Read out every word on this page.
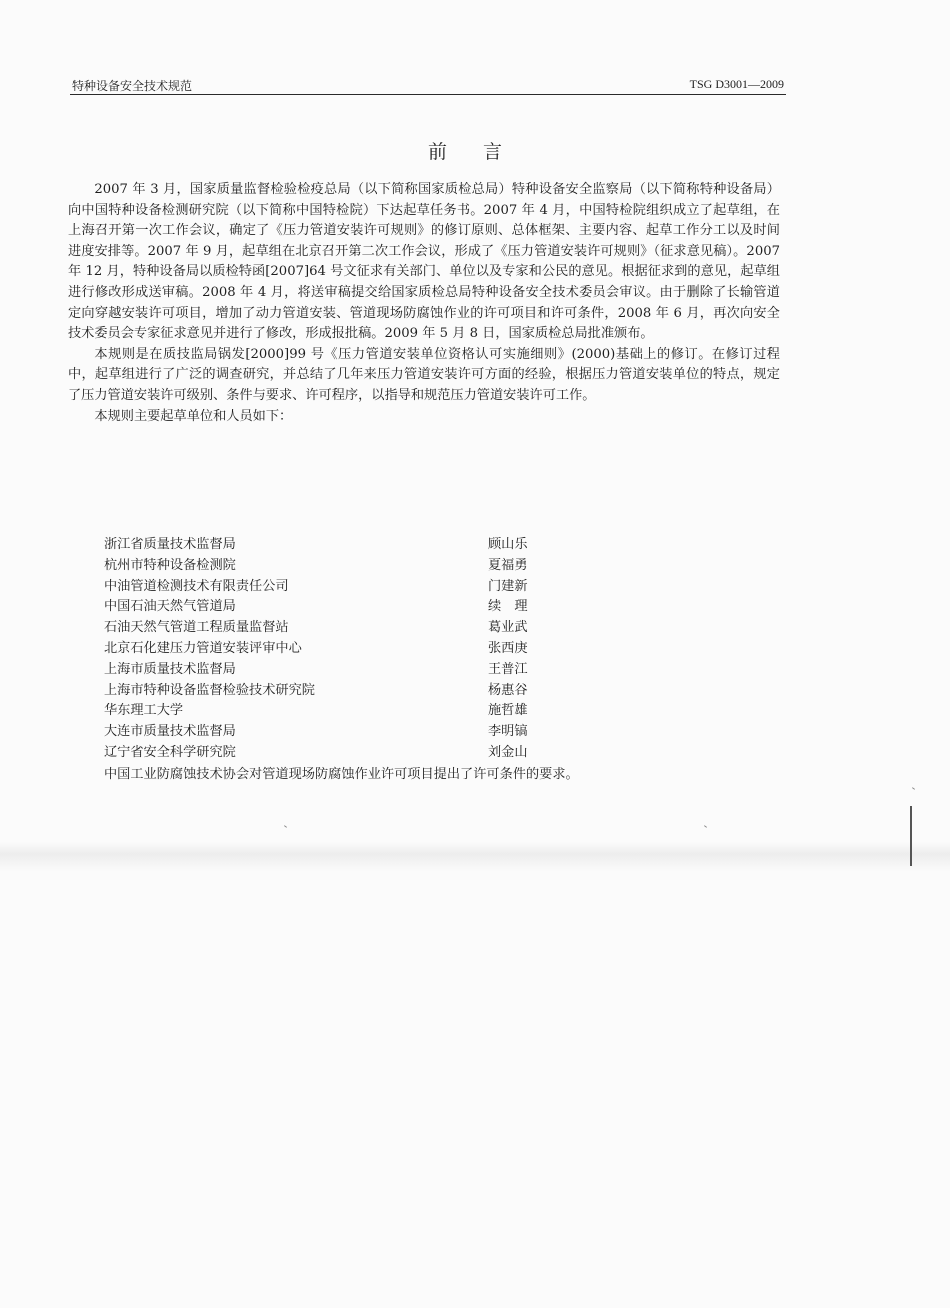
特种设备安全技术规范	TSG D3001—2009
前言

2007 年 3 月，国家质量监督检验检疫总局（以下简称国家质检总局）特种设备安全监察局（以下简称特种设备局）向中国特种设备检测研究院（以下简称中国特检院）下达起草任务书。2007 年 4 月，中国特检院组织成立了起草组，在上海召开第一次工作会议，确定了《压力管道安装许可规则》的修订原则、总体框架、主要内容、起草工作分工以及时间进度安排等。2007 年 9 月，起草组在北京召开第二次工作会议，形成了《压力管道安装许可规则》（征求意见稿）。2007 年 12 月，特种设备局以质检特函[2007]64 号文征求有关部门、单位以及专家和公民的意见。根据征求到的意见，起草组进行修改形成送审稿。2008 年 4 月，将送审稿提交给国家质检总局特种设备安全技术委员会审议。由于删除了长输管道定向穿越安装许可项目，增加了动力管道安装、管道现场防腐蚀作业的许可项目和许可条件，2008 年 6 月，再次向安全技术委员会专家征求意见并进行了修改，形成报批稿。2009 年 5 月 8 日，国家质检总局批准颁布。

本规则是在质技监局锅发[2000]99 号《压力管道安装单位资格认可实施细则》(2000)基础上的修订。在修订过程中，起草组进行了广泛的调查研究，并总结了几年来压力管道安装许可方面的经验，根据压力管道安装单位的特点，规定了压力管道安装许可级别、条件与要求、许可程序，以指导和规范压力管道安装许可工作。

本规则主要起草单位和人员如下：

浙江省质量技术监督局	顾山乐
杭州市特种设备检测院	夏福勇
中油管道检测技术有限责任公司	门建新
中国石油天然气管道局	续　理
石油天然气管道工程质量监督站	葛业武
北京石化建压力管道安装评审中心	张西庚
上海市质量技术监督局	王普江
上海市特种设备监督检验技术研究院	杨惠谷
华东理工大学	施哲雄
大连市质量技术监督局	李明镐
辽宁省安全科学研究院	刘金山

中国工业防腐蚀技术协会对管道现场防腐蚀作业许可项目提出了许可条件的要求。
